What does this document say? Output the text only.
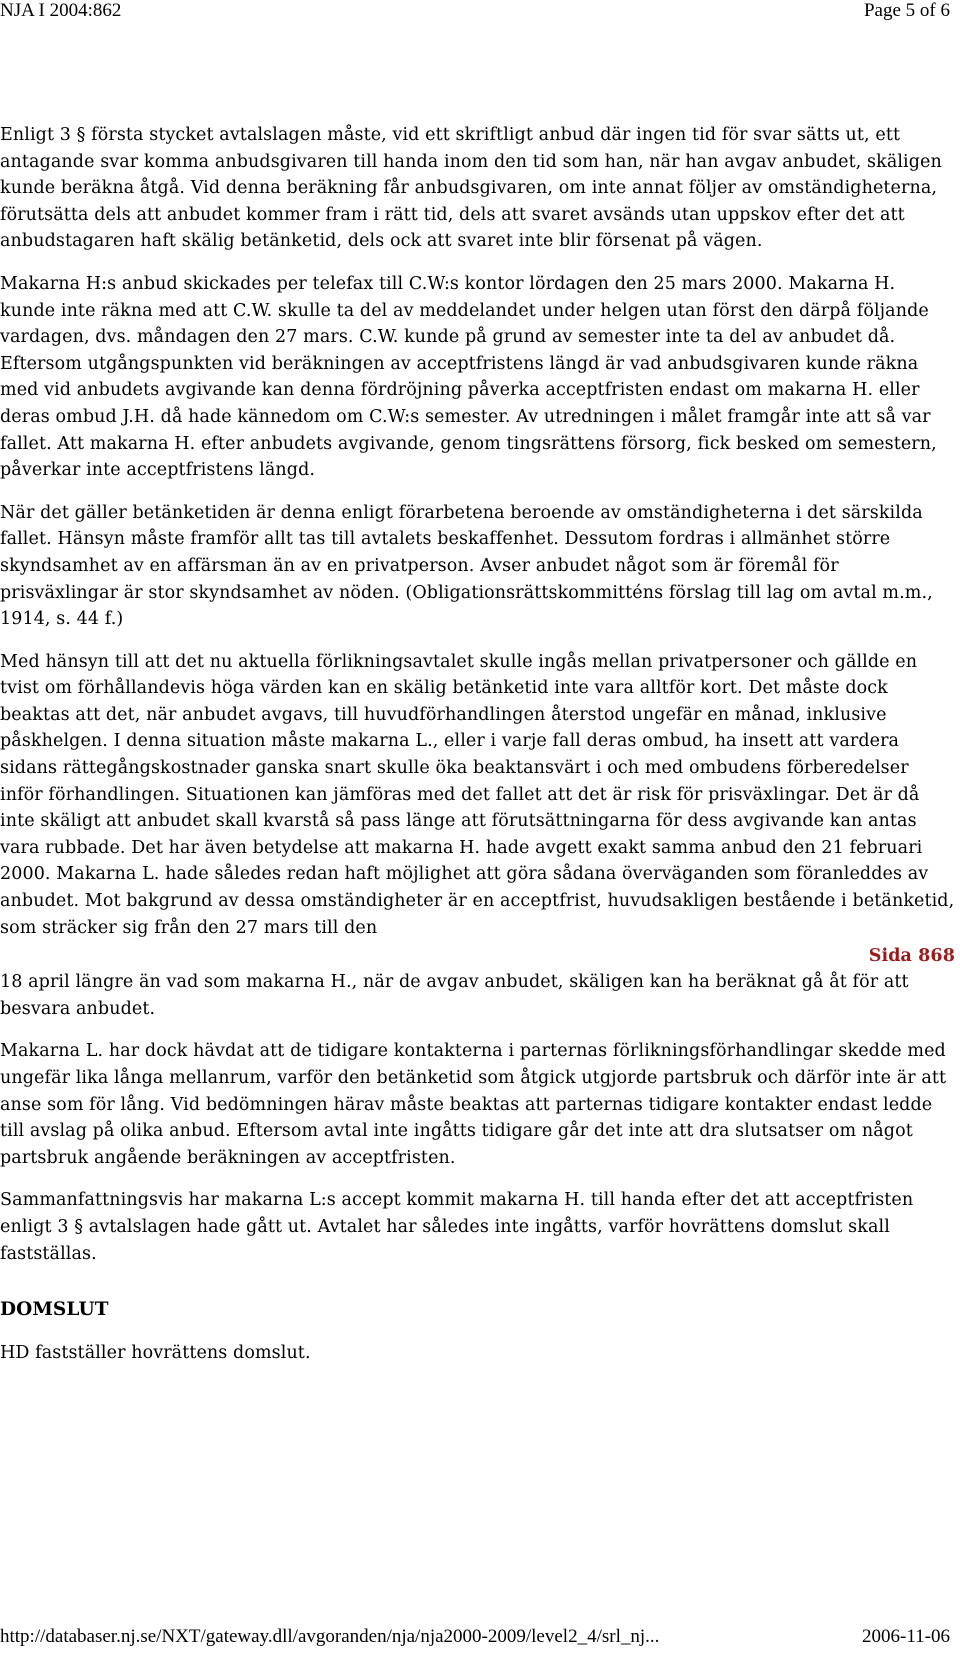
NJA I 2004:862	Page 5 of 6

Enligt 3 § första stycket avtalslagen måste, vid ett skriftligt anbud där ingen tid för svar sätts ut, ett antagande svar komma anbudsgivaren till handa inom den tid som han, när han avgav anbudet, skäligen kunde beräkna åtgå. Vid denna beräkning får anbudsgivaren, om inte annat följer av omständigheterna, förutsätta dels att anbudet kommer fram i rätt tid, dels att svaret avsänds utan uppskov efter det att anbudstagaren haft skälig betänketid, dels ock att svaret inte blir försenat på vägen.

Makarna H:s anbud skickades per telefax till C.W:s kontor lördagen den 25 mars 2000. Makarna H. kunde inte räkna med att C.W. skulle ta del av meddelandet under helgen utan först den därpå följande vardagen, dvs. måndagen den 27 mars. C.W. kunde på grund av semester inte ta del av anbudet då. Eftersom utgångspunkten vid beräkningen av acceptfristens längd är vad anbudsgivaren kunde räkna med vid anbudets avgivande kan denna fördröjning påverka acceptfristen endast om makarna H. eller deras ombud J.H. då hade kännedom om C.W:s semester. Av utredningen i målet framgår inte att så var fallet. Att makarna H. efter anbudets avgivande, genom tingsrättens försorg, fick besked om semestern, påverkar inte acceptfristens längd.

När det gäller betänketiden är denna enligt förarbetena beroende av omständigheterna i det särskilda fallet. Hänsyn måste framför allt tas till avtalets beskaffenhet. Dessutom fordras i allmänhet större skyndsamhet av en affärsman än av en privatperson. Avser anbudet något som är föremål för prisväxlingar är stor skyndsamhet av nöden. (Obligationsrättskommitténs förslag till lag om avtal m.m., 1914, s. 44 f.)

Med hänsyn till att det nu aktuella förlikningsavtalet skulle ingås mellan privatpersoner och gällde en tvist om förhållandevis höga värden kan en skälig betänketid inte vara alltför kort. Det måste dock beaktas att det, när anbudet avgavs, till huvudförhandlingen återstod ungefär en månad, inklusive påskhelgen. I denna situation måste makarna L., eller i varje fall deras ombud, ha insett att vardera sidans rättegångskostnader ganska snart skulle öka beaktansvärt i och med ombudens förberedelser inför förhandlingen. Situationen kan jämföras med det fallet att det är risk för prisväxlingar. Det är då inte skäligt att anbudet skall kvarstå så pass länge att förutsättningarna för dess avgivande kan antas vara rubbade. Det har även betydelse att makarna H. hade avgett exakt samma anbud den 21 februari 2000. Makarna L. hade således redan haft möjlighet att göra sådana överväganden som föranleddes av anbudet. Mot bakgrund av dessa omständigheter är en acceptfrist, huvudsakligen bestående i betänketid, som sträcker sig från den 27 mars till den

Sida 868

18 april längre än vad som makarna H., när de avgav anbudet, skäligen kan ha beräknat gå åt för att besvara anbudet.

Makarna L. har dock hävdat att de tidigare kontakterna i parternas förlikningsförhandlingar skedde med ungefär lika långa mellanrum, varför den betänketid som åtgick utgjorde partsbruk och därför inte är att anse som för lång. Vid bedömningen härav måste beaktas att parternas tidigare kontakter endast ledde till avslag på olika anbud. Eftersom avtal inte ingåtts tidigare går det inte att dra slutsatser om något partsbruk angående beräkningen av acceptfristen.

Sammanfattningsvis har makarna L:s accept kommit makarna H. till handa efter det att acceptfristen enligt 3 § avtalslagen hade gått ut. Avtalet har således inte ingåtts, varför hovrättens domslut skall fastställas.

DOMSLUT

HD fastställer hovrättens domslut.

http://databaser.nj.se/NXT/gateway.dll/avgoranden/nja/nja2000-2009/level2_4/srl_nj...	2006-11-06
